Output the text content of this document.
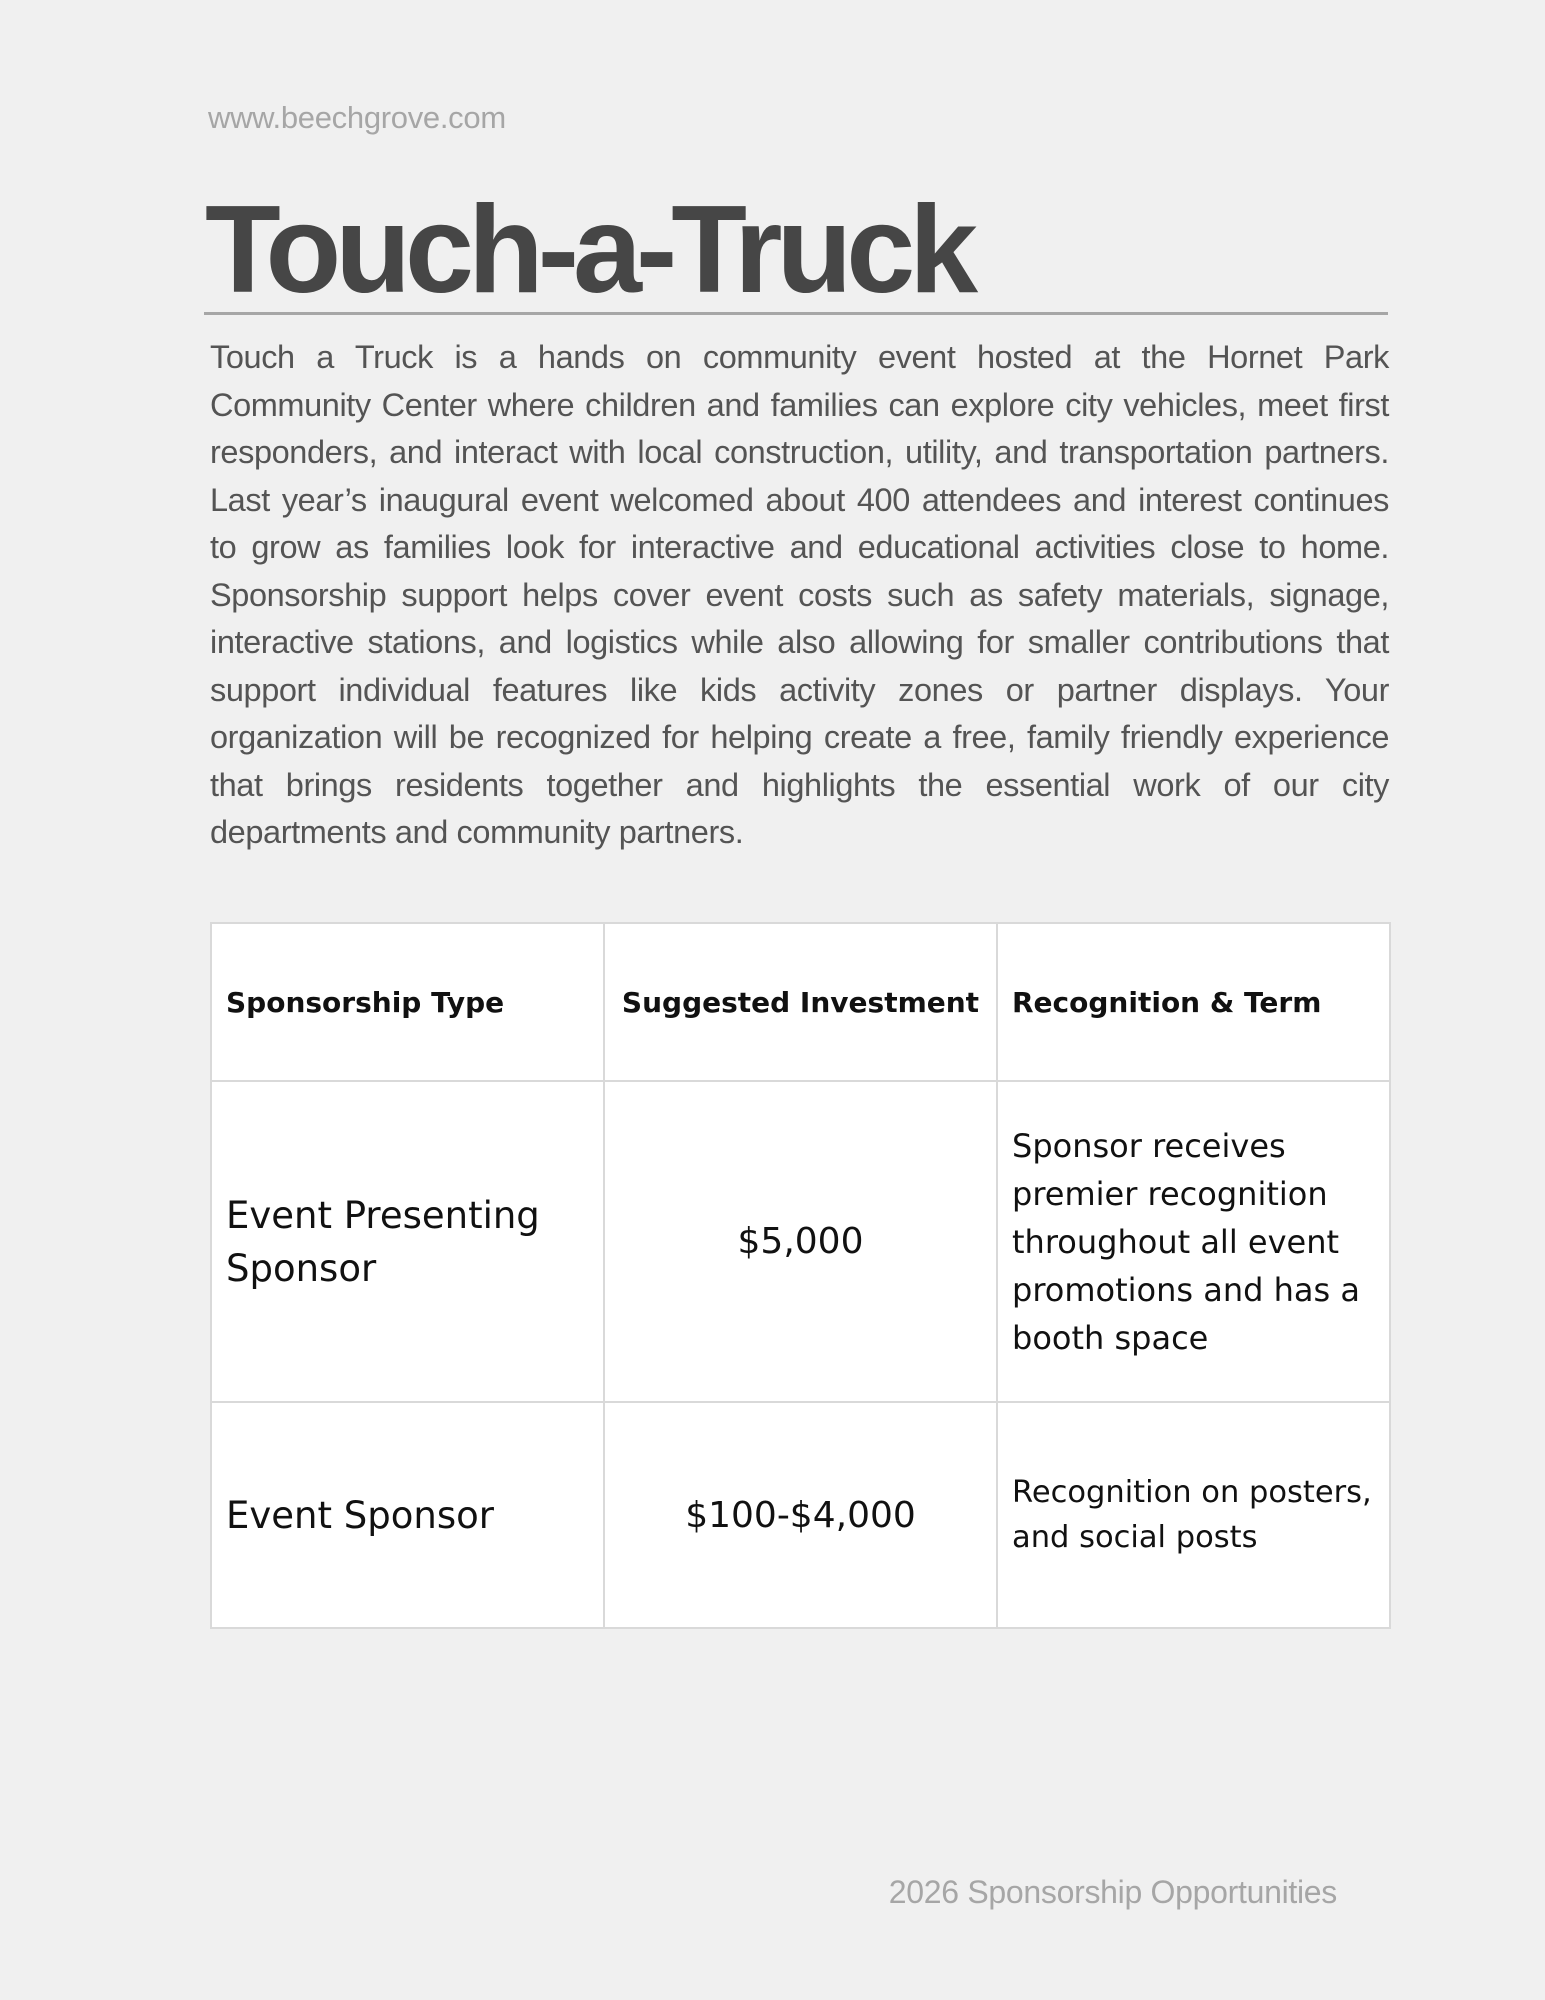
www.beechgrove.com
Touch-a-Truck

Touch a Truck is a hands on community event hosted at the Hornet Park Community Center where children and families can explore city vehicles, meet first responders, and interact with local construction, utility, and transportation partners. Last year’s inaugural event welcomed about 400 attendees and interest continues to grow as families look for interactive and educational activities close to home. Sponsorship support helps cover event costs such as safety materials, signage, interactive stations, and logistics while also allowing for smaller contributions that support individual features like kids activity zones or partner displays. Your organization will be recognized for helping create a free, family friendly experience that brings residents together and highlights the essential work of our city departments and community partners.

Sponsorship Type	Suggested Investment	Recognition & Term
Event Presenting Sponsor	$5,000	Sponsor receives premier recognition throughout all event promotions and has a booth space
Event Sponsor	$100-$4,000	Recognition on posters, and social posts
2026 Sponsorship Opportunities
